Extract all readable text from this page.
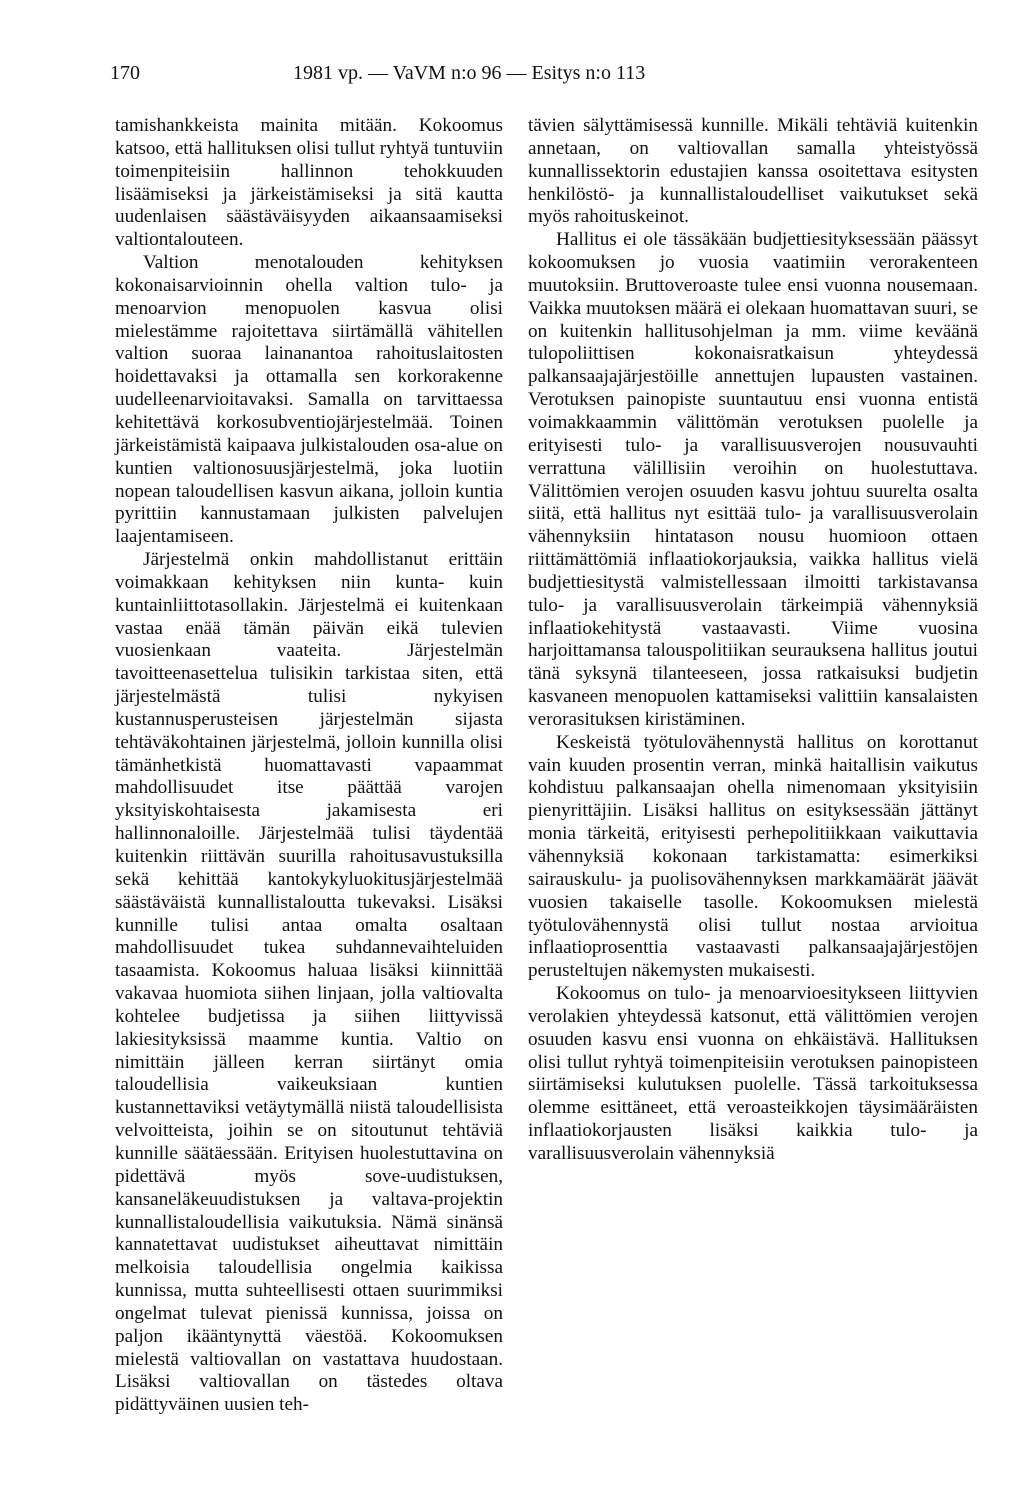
170	1981 vp. — VaVM n:o 96 — Esitys n:o 113

tamishankkeista mainita mitään. Kokoomus katsoo, että hallituksen olisi tullut ryhtyä tuntuviin toimenpiteisiin hallinnon tehokkuuden lisäämiseksi ja järkeistämiseksi ja sitä kautta uudenlaisen säästäväisyyden aikaansaamiseksi valtiontalouteen.

Valtion menotalouden kehityksen kokonaisarvioinnin ohella valtion tulo- ja menoarvion menopuolen kasvua olisi mielestämme rajoitettava siirtämällä vähitellen valtion suoraa lainanantoa rahoituslaitosten hoidettavaksi ja ottamalla sen korkorakenne uudelleenarvioitavaksi. Samalla on tarvittaessa kehitettävä korkosubventiojärjestelmää. Toinen järkeistämistä kaipaava julkistalouden osa-alue on kuntien valtionosuusjärjestelmä, joka luotiin nopean taloudellisen kasvun aikana, jolloin kuntia pyrittiin kannustamaan julkisten palvelujen laajentamiseen.

Järjestelmä onkin mahdollistanut erittäin voimakkaan kehityksen niin kunta- kuin kuntainliittotasollakin. Järjestelmä ei kuitenkaan vastaa enää tämän päivän eikä tulevien vuosienkaan vaateita. Järjestelmän tavoitteenasettelua tulisikin tarkistaa siten, että järjestelmästä tulisi nykyisen kustannusperusteisen järjestelmän sijasta tehtäväkohtainen järjestelmä, jolloin kunnilla olisi tämänhetkistä huomattavasti vapaammat mahdollisuudet itse päättää varojen yksityiskohtaisesta jakamisesta eri hallinnonaloille. Järjestelmää tulisi täydentää kuitenkin riittävän suurilla rahoitusavustuksilla sekä kehittää kantokykyluokitusjärjestelmää säästäväistä kunnallistaloutta tukevaksi. Lisäksi kunnille tulisi antaa omalta osaltaan mahdollisuudet tukea suhdannevaihteluiden tasaamista. Kokoomus haluaa lisäksi kiinnittää vakavaa huomiota siihen linjaan, jolla valtiovalta kohtelee budjetissa ja siihen liittyvissä lakiesityksissä maamme kuntia. Valtio on nimittäin jälleen kerran siirtänyt omia taloudellisia vaikeuksiaan kuntien kustannettaviksi vetäytymällä niistä taloudellisista velvoitteista, joihin se on sitoutunut tehtäviä kunnille säätäessään. Erityisen huolestuttavina on pidettävä myös sove-uudistuksen, kansaneläkeuudistuksen ja valtava-projektin kunnallistaloudellisia vaikutuksia. Nämä sinänsä kannatettavat uudistukset aiheuttavat nimittäin melkoisia taloudellisia ongelmia kaikissa kunnissa, mutta suhteellisesti ottaen suurimmiksi ongelmat tulevat pienissä kunnissa, joissa on paljon ikääntynyttä väestöä. Kokoomuksen mielestä valtiovallan on vastattava huudostaan. Lisäksi valtiovallan on tästedes oltava pidättyväinen uusien teh-

tävien sälyttämisessä kunnille. Mikäli tehtäviä kuitenkin annetaan, on valtiovallan samalla yhteistyössä kunnallissektorin edustajien kanssa osoitettava esitysten henkilöstö- ja kunnallistaloudelliset vaikutukset sekä myös rahoituskeinot.

Hallitus ei ole tässäkään budjettiesityksessään päässyt kokoomuksen jo vuosia vaatimiin verorakenteen muutoksiin. Bruttoveroaste tulee ensi vuonna nousemaan. Vaikka muutoksen määrä ei olekaan huomattavan suuri, se on kuitenkin hallitusohjelman ja mm. viime keväänä tulopoliittisen kokonaisratkaisun yhteydessä palkansaajajärjestöille annettujen lupausten vastainen. Verotuksen painopiste suuntautuu ensi vuonna entistä voimakkaammin välittömän verotuksen puolelle ja erityisesti tulo- ja varallisuusverojen nousuvauhti verrattuna välillisiin veroihin on huolestuttava. Välittömien verojen osuuden kasvu johtuu suurelta osalta siitä, että hallitus nyt esittää tulo- ja varallisuusverolain vähennyksiin hintatason nousu huomioon ottaen riittämättömiä inflaatiokorjauksia, vaikka hallitus vielä budjettiesitystä valmistellessaan ilmoitti tarkistavansa tulo- ja varallisuusverolain tärkeimpiä vähennyksiä inflaatiokehitystä vastaavasti. Viime vuosina harjoittamansa talouspolitiikan seurauksena hallitus joutui tänä syksynä tilanteeseen, jossa ratkaisuksi budjetin kasvaneen menopuolen kattamiseksi valittiin kansalaisten verorasituksen kiristäminen.

Keskeistä työtulovähennystä hallitus on korottanut vain kuuden prosentin verran, minkä haitallisin vaikutus kohdistuu palkansaajan ohella nimenomaan yksityisiin pienyrittäjiin. Lisäksi hallitus on esityksessään jättänyt monia tärkeitä, erityisesti perhepolitiikkaan vaikuttavia vähennyksiä kokonaan tarkistamatta: esimerkiksi sairauskulu- ja puolisovähennyksen markkamäärät jäävät vuosien takaiselle tasolle. Kokoomuksen mielestä työtulovähennystä olisi tullut nostaa arvioitua inflaatioprosenttia vastaavasti palkansaajajärjestöjen perusteltujen näkemysten mukaisesti.

Kokoomus on tulo- ja menoarvioesitykseen liittyvien verolakien yhteydessä katsonut, että välittömien verojen osuuden kasvu ensi vuonna on ehkäistävä. Hallituksen olisi tullut ryhtyä toimenpiteisiin verotuksen painopisteen siirtämiseksi kulutuksen puolelle. Tässä tarkoituksessa olemme esittäneet, että veroasteikkojen täysimääräisten inflaatiokorjausten lisäksi kaikkia tulo- ja varallisuusverolain vähennyksiä
